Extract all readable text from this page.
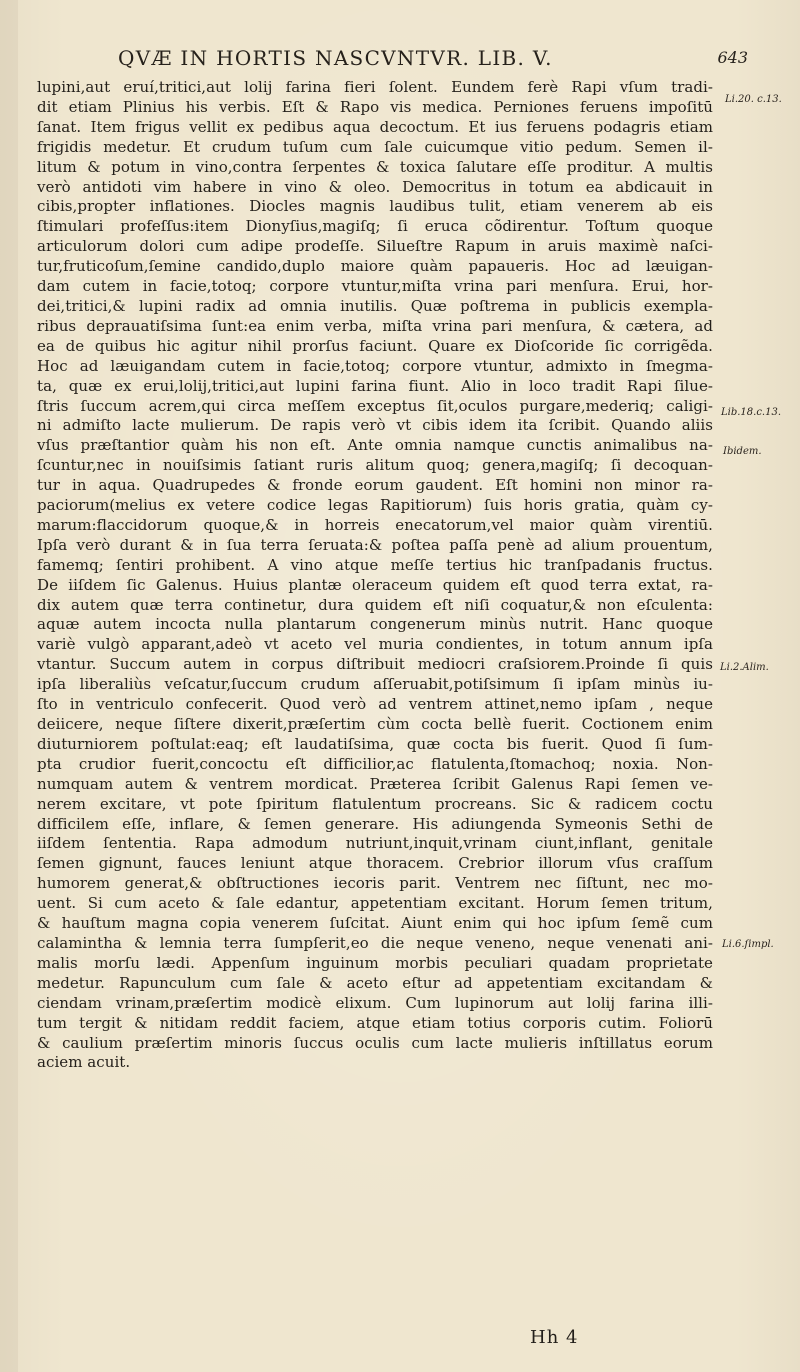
QVÆ IN HORTIS NASCVNTVR. LIB. V.	643
lupini,aut eruí,tritici,aut lolij farina fieri ſolent. Eundem ferè Rapi vſum tradi-
dit etiam Plinius his verbis. Eſt & Rapo vis medica. Perniones feruens impoſitū
ſanat. Item frigus vellit ex pedibus aqua decoctum. Et ius feruens podagris etiam
frigidis medetur. Et crudum tuſum cum ſale cuicumque vitio pedum. Semen il-
litum & potum in vino,contra ſerpentes & toxica ſalutare eſſe proditur. A multis
verò antidoti vim habere in vino & oleo. Democritus in totum ea abdicauit in
cibis,propter inflationes. Diocles magnis laudibus tulit, etiam venerem ab eis
ſtimulari profeſſus:item Dionyſius,magiſq; ſi eruca cõdirentur. Toſtum quoque
articulorum dolori cum adipe prodeſſe. Silueſtre Rapum in aruis maximè naſci-
tur,fruticoſum,ſemine candido,duplo maiore quàm papaueris. Hoc ad læuigan-
dam cutem in facie,totoq; corpore vtuntur,miſta vrina pari menſura. Erui, hor-
dei,tritici,& lupini radix ad omnia inutilis. Quæ poſtrema in publicis exempla-
ribus deprauatiſsima ſunt:ea enim verba, miſta vrina pari menſura, & cætera, ad
ea de quibus hic agitur nihil prorſus faciunt. Quare ex Dioſcoride ſic corrigẽda.
Hoc ad læuigandam cutem in facie,totoq; corpore vtuntur, admixto in ſmegma-
ta, quæ ex erui,lolij,tritici,aut lupini farina fiunt. Alio in loco tradit Rapi ſilue-
ſtris ſuccum acrem,qui circa meſſem exceptus ſit,oculos purgare,mederiq; caligi-
ni admiſto lacte mulierum. De rapis verò vt cibis idem ita ſcribit. Quando aliis
vſus præſtantior quàm his non eſt. Ante omnia namque cunctis animalibus na-
ſcuntur,nec in nouiſsimis ſatiant ruris alitum quoq; genera,magiſq; ſi decoquan-
tur in aqua. Quadrupedes & fronde eorum gaudent. Eſt homini non minor ra-
paciorum(melius ex vetere codice legas Rapitiorum) ſuis horis gratia, quàm cy-
marum:flaccidorum quoque,& in horreis enecatorum,vel maior quàm virentiū.
Ipſa verò durant & in ſua terra ſeruata:& poſtea paſſa penè ad alium prouentum,
famemq; ſentiri prohibent. A vino atque meſſe tertius hic tranſpadanis fructus.
De iiſdem ſic Galenus. Huius plantæ oleraceum quidem eſt quod terra extat, ra-
dix autem quæ terra continetur, dura quidem eſt niſi coquatur,& non eſculenta:
aquæ autem incocta nulla plantarum congenerum minùs nutrit. Hanc quoque
variè vulgò apparant,adeò vt aceto vel muria condientes, in totum annum ipſa
vtantur. Succum autem in corpus diſtribuit mediocri craſsiorem.Proinde ſi quis
ipſa liberaliùs veſcatur,ſuccum crudum aſſeruabit,potiſsimum ſi ipſam minùs iu-
ſto in ventriculo confecerit. Quod verò ad ventrem attinet,nemo ipſam , neque
deiicere, neque ſiſtere dixerit,præſertim cùm cocta bellè fuerit. Coctionem enim
diuturniorem poſtulat:eaq; eſt laudatiſsima, quæ cocta bis fuerit. Quod ſi ſum-
pta crudior fuerit,concoctu eſt difficilior,ac flatulenta,ſtomachoq; noxia. Non-
numquam autem & ventrem mordicat. Præterea ſcribit Galenus Rapi ſemen ve-
nerem excitare, vt pote ſpiritum flatulentum procreans. Sic & radicem coctu
difficilem eſſe, inflare, & ſemen generare. His adiungenda Symeonis Sethi de
iiſdem ſententia. Rapa admodum nutriunt,inquit,vrinam ciunt,inflant, genitale
ſemen gignunt, fauces leniunt atque thoracem. Crebrior illorum vſus craſſum
humorem generat,& obſtructiones iecoris parit. Ventrem nec ſiſtunt, nec mo-
uent. Si cum aceto & ſale edantur, appetentiam excitant. Horum ſemen tritum,
& hauſtum magna copia venerem ſuſcitat. Aiunt enim qui hoc ipſum ſemẽ cum
calamintha & lemnia terra ſumpſerit,eo die neque veneno, neque venenati ani-
malis morſu lædi. Appenſum inguinum morbis peculiari quadam proprietate
medetur. Rapunculum cum ſale & aceto eſtur ad appetentiam excitandam &
ciendam vrinam,præſertim modicè elixum. Cum lupinorum aut lolij farina illi-
tum tergit & nitidam reddit faciem, atque etiam totius corporis cutim. Foliorū
& caulium præſertim minoris ſuccus oculis cum lacte mulieris inſtillatus eorum
aciem acuit.
Li.20. c.13.
Lib.18.c.13.
Ibidem.
Li.2.Alim.
Li.6.ſimpl.
Hh 4
